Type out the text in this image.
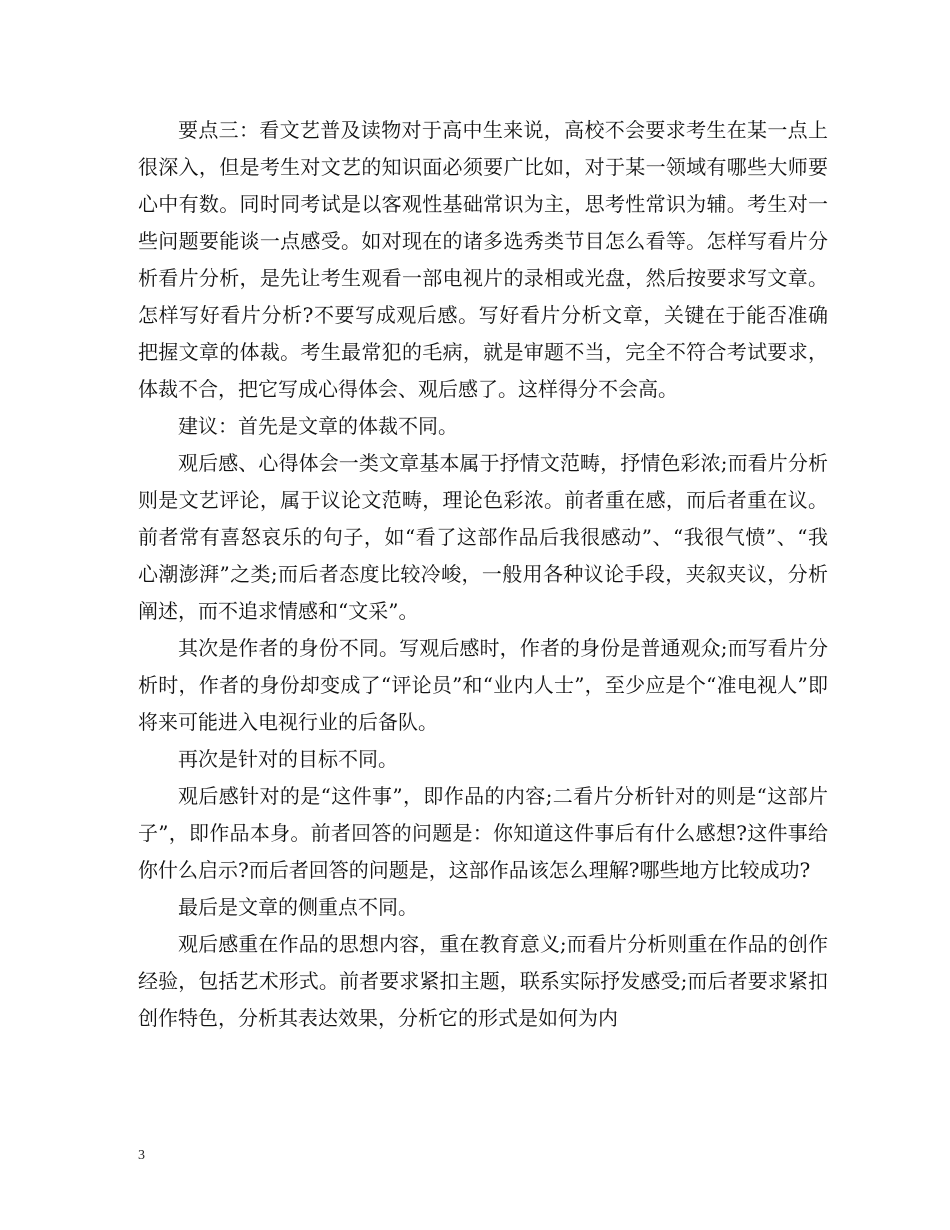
要点三：看文艺普及读物对于高中生来说，高校不会要求考生在某一点上很深入，但是考生对文艺的知识面必须要广比如，对于某一领域有哪些大师要心中有数。同时同考试是以客观性基础常识为主，思考性常识为辅。考生对一些问题要能谈一点感受。如对现在的诸多选秀类节目怎么看等。怎样写看片分析看片分析，是先让考生观看一部电视片的录相或光盘，然后按要求写文章。怎样写好看片分析?不要写成观后感。写好看片分析文章，关键在于能否准确把握文章的体裁。考生最常犯的毛病，就是审题不当，完全不符合考试要求，体裁不合，把它写成心得体会、观后感了。这样得分不会高。

建议：首先是文章的体裁不同。

观后感、心得体会一类文章基本属于抒情文范畴，抒情色彩浓;而看片分析则是文艺评论，属于议论文范畴，理论色彩浓。前者重在感，而后者重在议。前者常有喜怒哀乐的句子，如“看了这部作品后我很感动”、“我很气愤”、“我心潮澎湃”之类;而后者态度比较冷峻，一般用各种议论手段，夹叙夹议，分析阐述，而不追求情感和“文采”。

其次是作者的身份不同。写观后感时，作者的身份是普通观众;而写看片分析时，作者的身份却变成了“评论员”和“业内人士”，至少应是个“准电视人”即将来可能进入电视行业的后备队。

再次是针对的目标不同。

观后感针对的是“这件事”，即作品的内容;二看片分析针对的则是“这部片子”，即作品本身。前者回答的问题是：你知道这件事后有什么感想?这件事给你什么启示?而后者回答的问题是，这部作品该怎么理解?哪些地方比较成功?

最后是文章的侧重点不同。

观后感重在作品的思想内容，重在教育意义;而看片分析则重在作品的创作经验，包括艺术形式。前者要求紧扣主题，联系实际抒发感受;而后者要求紧扣创作特色，分析其表达效果，分析它的形式是如何为内

3
